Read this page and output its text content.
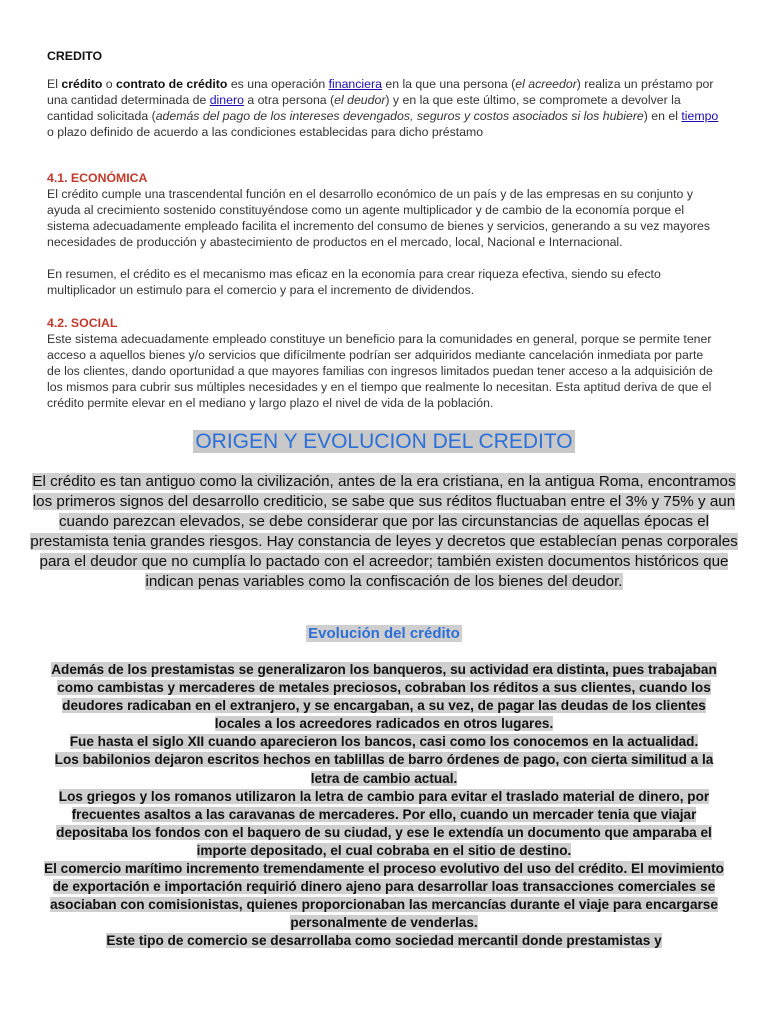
CREDITO
El crédito o contrato de crédito es una operación financiera en la que una persona (el acreedor) realiza un préstamo por una cantidad determinada de dinero a otra persona (el deudor) y en la que este último, se compromete a devolver la cantidad solicitada (además del pago de los intereses devengados, seguros y costos asociados si los hubiere) en el tiempo o plazo definido de acuerdo a las condiciones establecidas para dicho préstamo
4.1. ECONÓMICA
El crédito cumple una trascendental función en el desarrollo económico de un país y de las empresas en su conjunto y ayuda al crecimiento sostenido constituyéndose como un agente multiplicador y de cambio de la economía porque el sistema adecuadamente empleado facilita el incremento del consumo de bienes y servicios, generando a su vez mayores necesidades de producción y abastecimiento de productos en el mercado, local, Nacional e Internacional.
En resumen, el crédito es el mecanismo mas eficaz en la economía para crear riqueza efectiva, siendo su efecto multiplicador un estimulo para el comercio y para el incremento de dividendos.
4.2. SOCIAL
Este sistema adecuadamente empleado constituye un beneficio para la comunidades en general, porque se permite tener acceso a aquellos bienes y/o servicios que difícilmente podrían ser adquiridos mediante cancelación inmediata por parte de los clientes, dando oportunidad a que mayores familias con ingresos limitados puedan tener acceso a la adquisición de los mismos para cubrir sus múltiples necesidades y en el tiempo que realmente lo necesitan. Esta aptitud deriva de que el crédito permite elevar en el mediano y largo plazo el nivel de vida de la población.
ORIGEN Y EVOLUCION DEL CREDITO
El crédito es tan antiguo como la civilización, antes de la era cristiana, en la antigua Roma, encontramos los primeros signos del desarrollo crediticio, se sabe que sus réditos fluctuaban entre el 3% y 75% y aun cuando parezcan elevados, se debe considerar que por las circunstancias de aquellas épocas el prestamista tenia grandes riesgos. Hay constancia de leyes y decretos que establecían penas corporales para el deudor que no cumplía lo pactado con el acreedor; también existen documentos históricos que indican penas variables como la confiscación de los bienes del deudor.
Evolución del crédito
Además de los prestamistas se generalizaron los banqueros, su actividad era distinta, pues trabajaban como cambistas y mercaderes de metales preciosos, cobraban los réditos a sus clientes, cuando los deudores radicaban en el extranjero, y se encargaban, a su vez, de pagar las deudas de los clientes locales a los acreedores radicados en otros lugares.
Fue hasta el siglo XII cuando aparecieron los bancos, casi como los conocemos en la actualidad.
Los babilonios dejaron escritos hechos en tablillas de barro órdenes de pago, con cierta similitud a la letra de cambio actual.
Los griegos y los romanos utilizaron la letra de cambio para evitar el traslado material de dinero, por frecuentes asaltos a las caravanas de mercaderes. Por ello, cuando un mercader tenia que viajar depositaba los fondos con el baquero de su ciudad, y ese le extendía un documento que amparaba el importe depositado, el cual cobraba en el sitio de destino.
El comercio marítimo incremento tremendamente el proceso evolutivo del uso del crédito. El movimiento de exportación e importación requirió dinero ajeno para desarrollar loas transacciones comerciales se asociaban con comisionistas, quienes proporcionaban las mercancías durante el viaje para encargarse personalmente de venderlas.
Este tipo de comercio se desarrollaba como sociedad mercantil donde prestamistas y
